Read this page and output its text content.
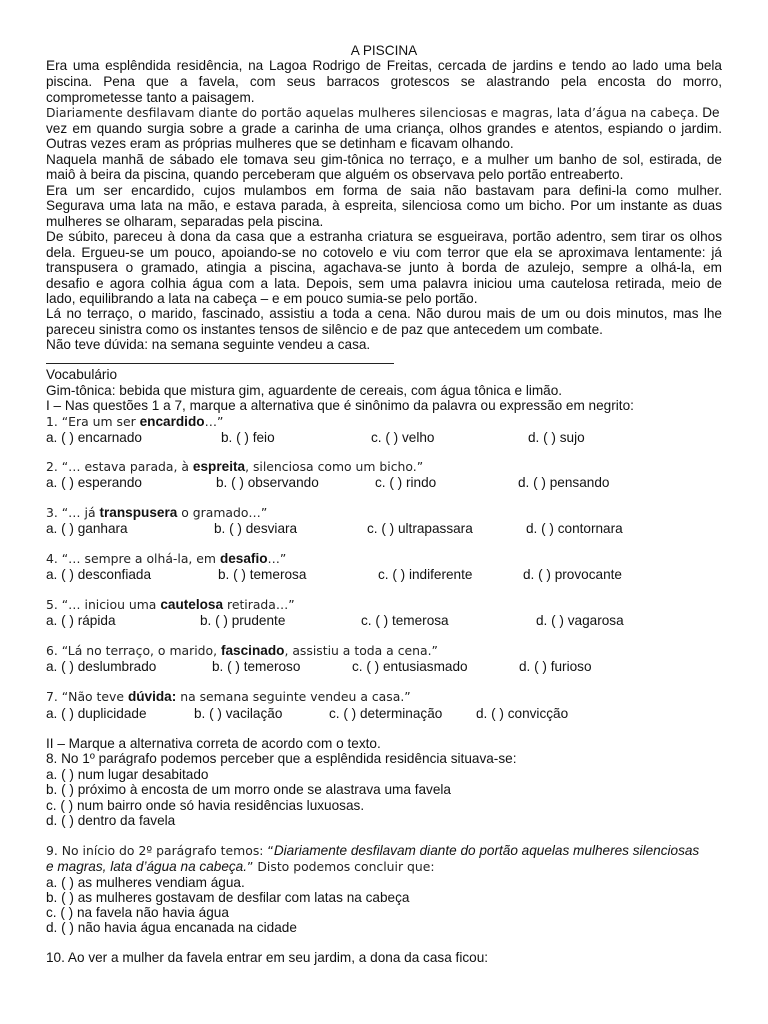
A PISCINA
Era uma esplêndida residência, na Lagoa Rodrigo de Freitas, cercada de jardins e tendo ao lado uma bela
piscina. Pena que a favela, com seus barracos grotescos se alastrando pela encosta do morro,
comprometesse tanto a paisagem.
Diariamente desfilavam diante do portão aquelas mulheres silenciosas e magras, lata d’água na cabeça. De
vez em quando surgia sobre a grade a carinha de uma criança, olhos grandes e atentos, espiando o jardim.
Outras vezes eram as próprias mulheres que se detinham e ficavam olhando.
Naquela manhã de sábado ele tomava seu gim-tônica no terraço, e a mulher um banho de sol, estirada, de
maiô à beira da piscina, quando perceberam que alguém os observava pelo portão entreaberto.
Era um ser encardido, cujos mulambos em forma de saia não bastavam para defini-la como mulher.
Segurava uma lata na mão, e estava parada, à espreita, silenciosa como um bicho. Por um instante as duas
mulheres se olharam, separadas pela piscina.
De súbito, pareceu à dona da casa que a estranha criatura se esgueirava, portão adentro, sem tirar os olhos
dela. Ergueu-se um pouco, apoiando-se no cotovelo e viu com terror que ela se aproximava lentamente: já
transpusera o gramado, atingia a piscina, agachava-se junto à borda de azulejo, sempre a olhá-la, em
desafio e agora colhia água com a lata. Depois, sem uma palavra iniciou uma cautelosa retirada, meio de
lado, equilibrando a lata na cabeça – e em pouco sumia-se pelo portão.
Lá no terraço, o marido, fascinado, assistiu a toda a cena. Não durou mais de um ou dois minutos, mas lhe
pareceu sinistra como os instantes tensos de silêncio e de paz que antecedem um combate.
Não teve dúvida: na semana seguinte vendeu a casa.
Vocabulário
Gim-tônica: bebida que mistura gim, aguardente de cereais, com água tônica e limão.
I – Nas questões 1 a 7, marque a alternativa que é sinônimo da palavra ou expressão em negrito:
1. “Era um ser encardido…”
a. ( ) encarnado	b. ( ) feio	c. ( ) velho	d. ( ) sujo
2. “… estava parada, à espreita, silenciosa como um bicho.”
a. ( ) esperando	b. ( ) observando	c. ( ) rindo	d. ( ) pensando
3. “… já transpusera o gramado…”
a. ( ) ganhara	b. ( ) desviara	c. ( ) ultrapassara	d. ( ) contornara
4. “… sempre a olhá-la, em desafio…”
a. ( ) desconfiada	b. ( ) temerosa	c. ( ) indiferente	d. ( ) provocante
5. “… iniciou uma cautelosa retirada…”
a. ( ) rápida	b. ( ) prudente	c. ( ) temerosa	d. ( ) vagarosa
6. “Lá no terraço, o marido, fascinado, assistiu a toda a cena.”
a. ( ) deslumbrado	b. ( ) temeroso	c. ( ) entusiasmado	d. ( ) furioso
7. “Não teve dúvida: na semana seguinte vendeu a casa.”
a. ( ) duplicidade	b. ( ) vacilação	c. ( ) determinação d. ( ) convicção
II – Marque a alternativa correta de acordo com o texto.
8. No 1º parágrafo podemos perceber que a esplêndida residência situava-se:
a. ( ) num lugar desabitado
b. ( ) próximo à encosta de um morro onde se alastrava uma favela
c. ( ) num bairro onde só havia residências luxuosas.
d. ( ) dentro da favela
9. No início do 2º parágrafo temos: “Diariamente desfilavam diante do portão aquelas mulheres silenciosas
e magras, lata d’água na cabeça.” Disto podemos concluir que:
a. ( ) as mulheres vendiam água.
b. ( ) as mulheres gostavam de desfilar com latas na cabeça
c. ( ) na favela não havia água
d. ( ) não havia água encanada na cidade
10. Ao ver a mulher da favela entrar em seu jardim, a dona da casa ficou:
